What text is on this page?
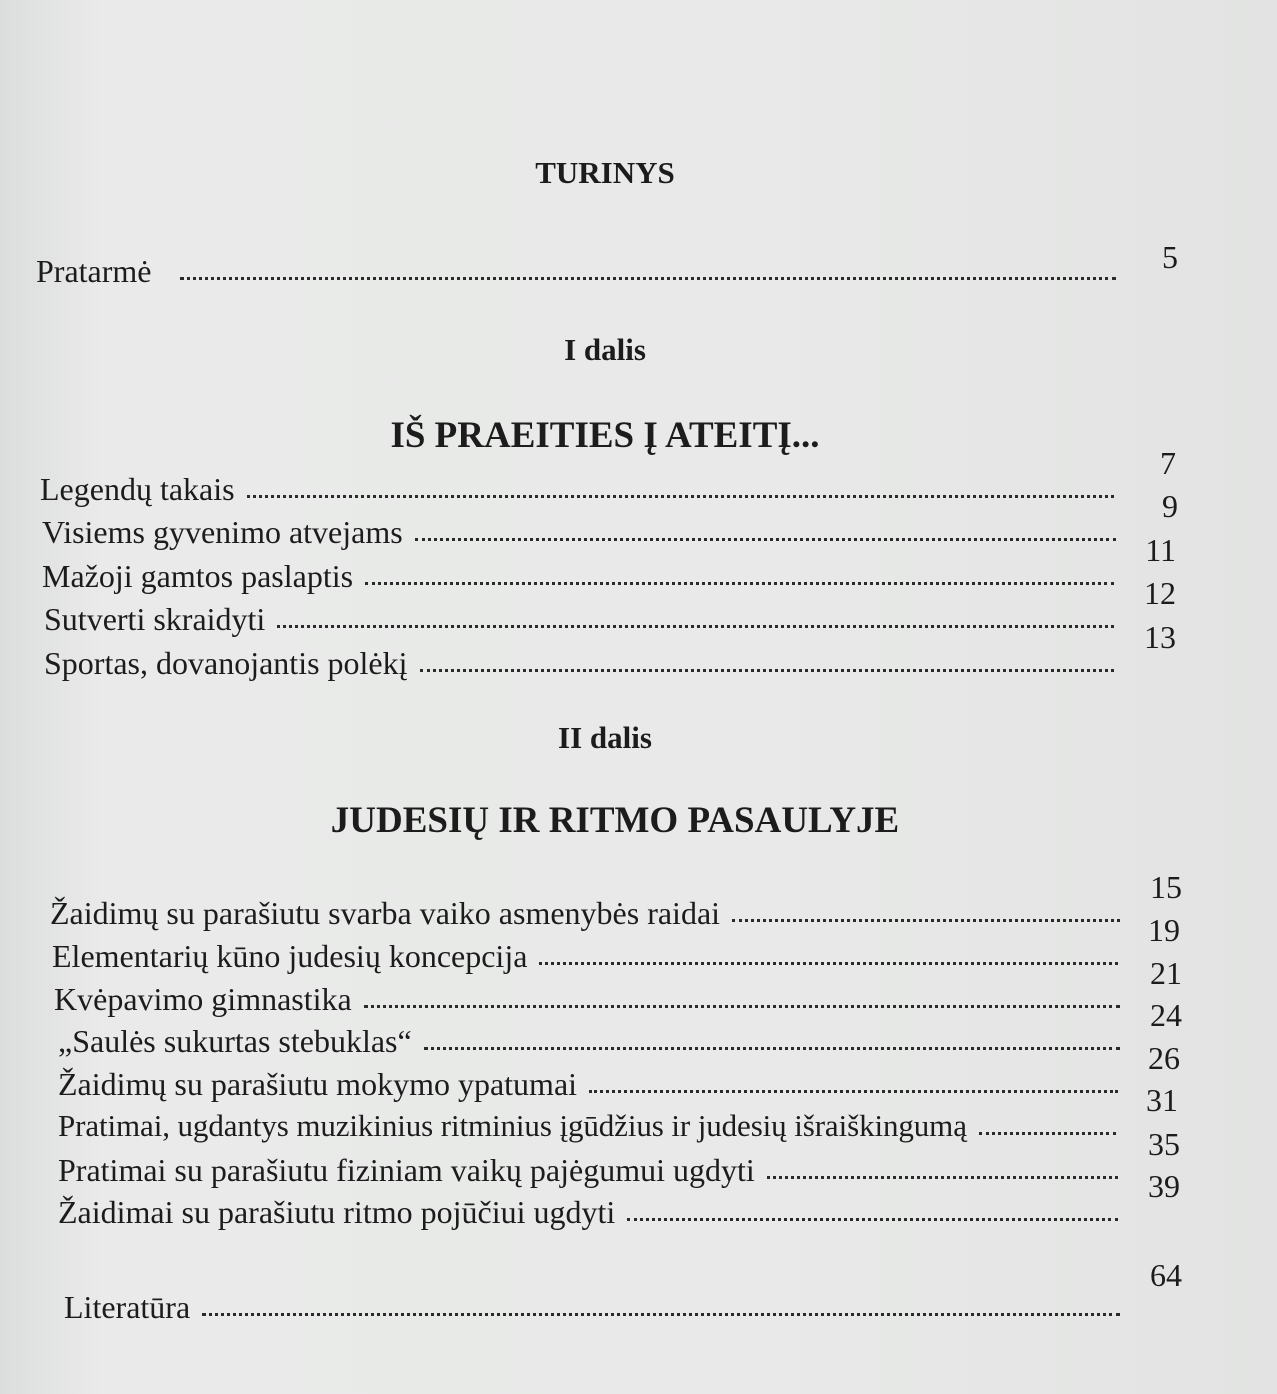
TURINYS
Pratarmė	5
I dalis
IŠ PRAEITIES Į ATEITĮ...
Legendų takais
7
Visiems gyvenimo atvejams
9
Mažoji gamtos paslaptis
11
Sutverti skraidyti
12
Sportas, dovanojantis polėkį
13
II dalis
JUDESIŲ IR RITMO PASAULYJE
Žaidimų su parašiutu svarba vaiko asmenybės raidai
15
Elementarių kūno judesių koncepcija
19
Kvėpavimo gimnastika
21
„Saulės sukurtas stebuklas“
24
Žaidimų su parašiutu mokymo ypatumai
26
Pratimai, ugdantys muzikinius ritminius įgūdžius ir judesių išraiškingumą
31
Pratimai su parašiutu fiziniam vaikų pajėgumui ugdyti
35
Žaidimai su parašiutu ritmo pojūčiui ugdyti
39
Literatūra
64
